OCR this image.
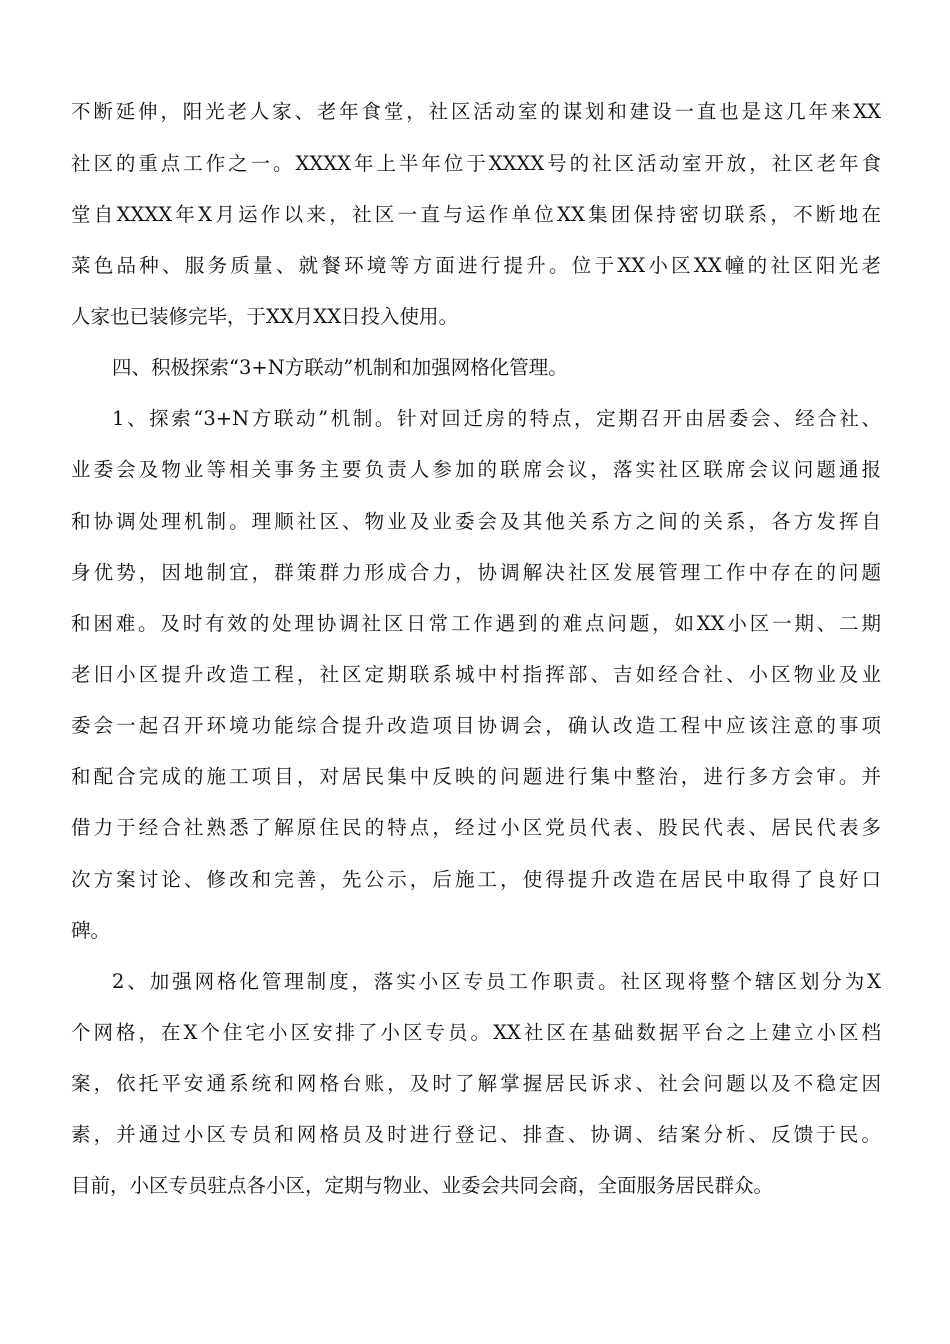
不断延伸，阳光老人家、老年食堂，社区活动室的谋划和建设一直也是这几年来XX
社区的重点工作之一。XXXX年上半年位于XXXX号的社区活动室开放，社区老年食
堂自XXXX年X月运作以来，社区一直与运作单位XX集团保持密切联系，不断地在
菜色品种、服务质量、就餐环境等方面进行提升。位于XX小区XX幢的社区阳光老
人家也已装修完毕，于XX月XX日投入使用。
四、积极探索“3+N方联动”机制和加强网格化管理。
1、探索“3+N方联动”机制。针对回迁房的特点，定期召开由居委会、经合社、
业委会及物业等相关事务主要负责人参加的联席会议，落实社区联席会议问题通报
和协调处理机制。理顺社区、物业及业委会及其他关系方之间的关系，各方发挥自
身优势，因地制宜，群策群力形成合力，协调解决社区发展管理工作中存在的问题
和困难。及时有效的处理协调社区日常工作遇到的难点问题，如XX小区一期、二期
老旧小区提升改造工程，社区定期联系城中村指挥部、吉如经合社、小区物业及业
委会一起召开环境功能综合提升改造项目协调会，确认改造工程中应该注意的事项
和配合完成的施工项目，对居民集中反映的问题进行集中整治，进行多方会审。并
借力于经合社熟悉了解原住民的特点，经过小区党员代表、股民代表、居民代表多
次方案讨论、修改和完善，先公示，后施工，使得提升改造在居民中取得了良好口
碑。
2、加强网格化管理制度，落实小区专员工作职责。社区现将整个辖区划分为X
个网格，在X个住宅小区安排了小区专员。XX社区在基础数据平台之上建立小区档
案，依托平安通系统和网格台账，及时了解掌握居民诉求、社会问题以及不稳定因
素，并通过小区专员和网格员及时进行登记、排查、协调、结案分析、反馈于民。
目前，小区专员驻点各小区，定期与物业、业委会共同会商，全面服务居民群众。
